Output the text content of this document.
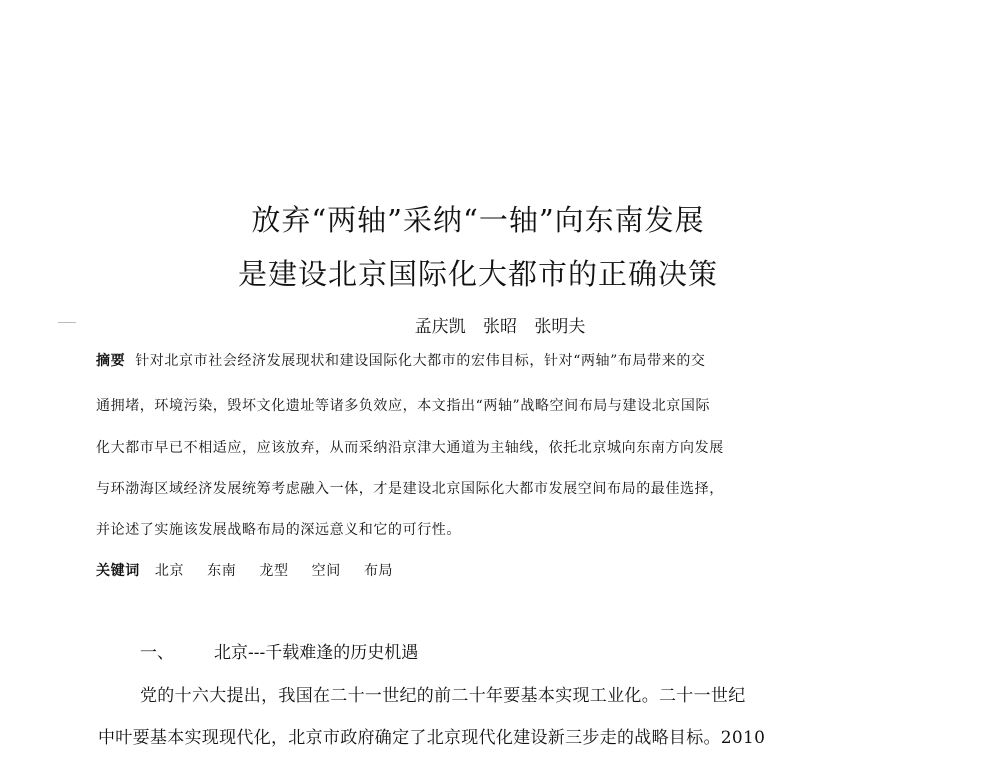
放弃“两轴”采纳“一轴”向东南发展
是建设北京国际化大都市的正确决策
孟庆凯 张昭 张明夫
摘要 针对北京市社会经济发展现状和建设国际化大都市的宏伟目标，针对“两轴”布局带来的交
通拥堵，环境污染，毁坏文化遗址等诸多负效应，本文指出“两轴”战略空间布局与建设北京国际
化大都市早已不相适应，应该放弃，从而采纳沿京津大通道为主轴线，依托北京城向东南方向发展
与环渤海区域经济发展统筹考虑融入一体，才是建设北京国际化大都市发展空间布局的最佳选择，
并论述了实施该发展战略布局的深远意义和它的可行性。
关键词 北京 东南 龙型 空间 布局
一、 北京---千载难逢的历史机遇
党的十六大提出，我国在二十一世纪的前二十年要基本实现工业化。二十一世纪
中叶要基本实现现代化，北京市政府确定了北京现代化建设新三步走的战略目标。2010
